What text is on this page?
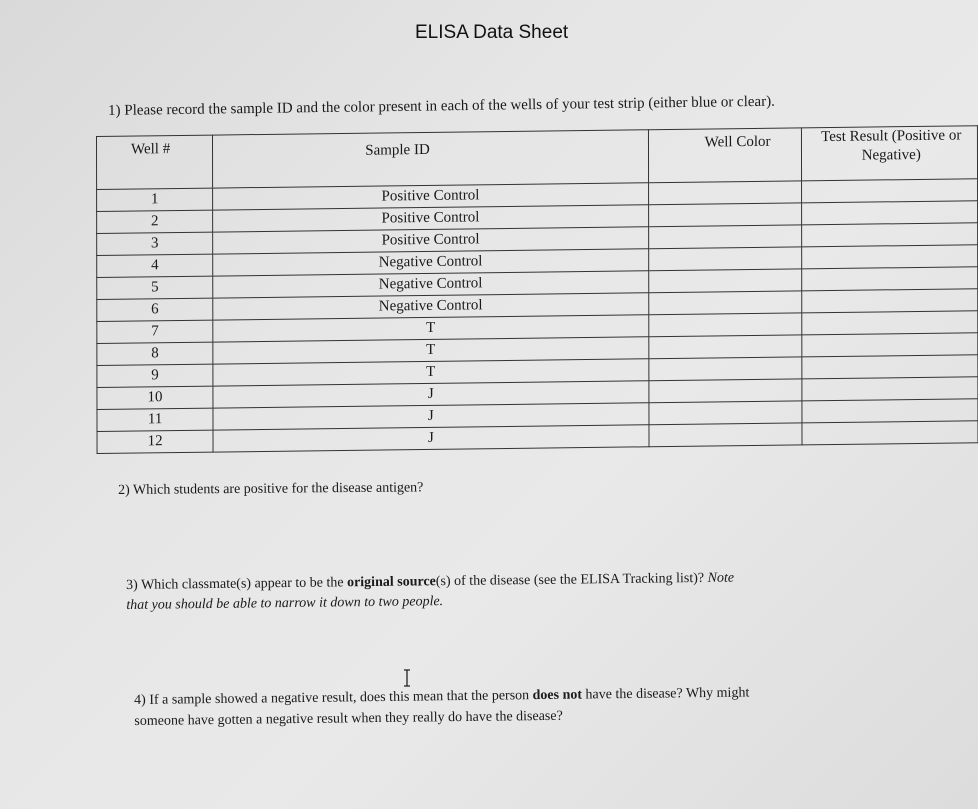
ELISA Data Sheet
1) Please record the sample ID and the color present in each of the wells of your test strip (either blue or clear).
Well #	Sample ID	Well Color	Test Result (Positive or Negative)
1	Positive Control		
2	Positive Control		
3	Positive Control		
4	Negative Control		
5	Negative Control		
6	Negative Control		
7	T		
8	T		
9	T		
10	J		
11	J		
12	J		
2) Which students are positive for the disease antigen?
3) Which classmate(s) appear to be the original source(s) of the disease (see the ELISA Tracking list)? Note
that you should be able to narrow it down to two people.
4) If a sample showed a negative result, does this mean that the person does not have the disease? Why might
someone have gotten a negative result when they really do have the disease?
